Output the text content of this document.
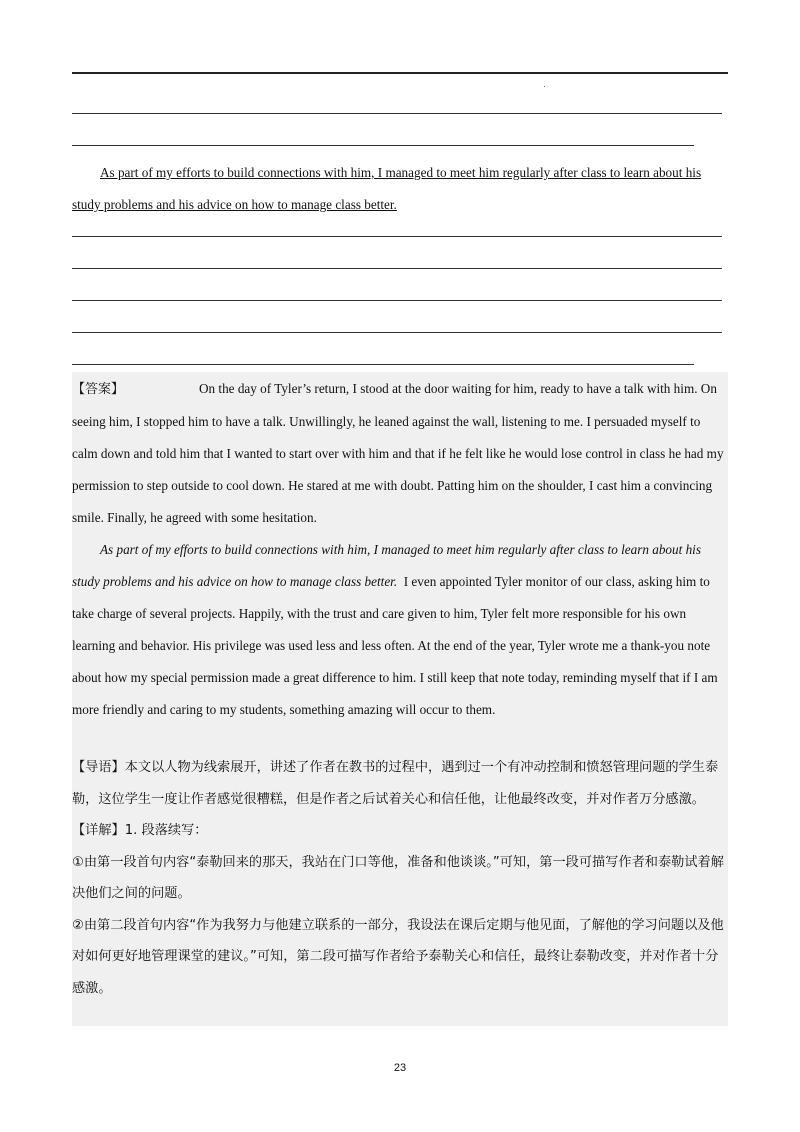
As part of my efforts to build connections with him, I managed to meet him regularly after class to learn about his study problems and his advice on how to manage class better.

【答案】	On the day of Tyler’s return, I stood at the door waiting for him, ready to have a talk with him. On seeing him, I stopped him to have a talk. Unwillingly, he leaned against the wall, listening to me. I persuaded myself to calm down and told him that I wanted to start over with him and that if he felt like he would lose control in class he had my permission to step outside to cool down. He stared at me with doubt. Patting him on the shoulder, I cast him a convincing smile. Finally, he agreed with some hesitation.

As part of my efforts to build connections with him, I managed to meet him regularly after class to learn about his study problems and his advice on how to manage class better. I even appointed Tyler monitor of our class, asking him to take charge of several projects. Happily, with the trust and care given to him, Tyler felt more responsible for his own learning and behavior. His privilege was used less and less often. At the end of the year, Tyler wrote me a thank-you note about how my special permission made a great difference to him. I still keep that note today, reminding myself that if I am more friendly and caring to my students, something amazing will occur to them.

【导语】本文以人物为线索展开，讲述了作者在教书的过程中，遇到过一个有冲动控制和愤怒管理问题的学生泰勒，这位学生一度让作者感觉很糟糕，但是作者之后试着关心和信任他，让他最终改变，并对作者万分感激。

【详解】1. 段落续写：

①由第一段首句内容“泰勒回来的那天，我站在门口等他，准备和他谈谈。”可知，第一段可描写作者和泰勒试着解决他们之间的问题。

②由第二段首句内容“作为我努力与他建立联系的一部分，我设法在课后定期与他见面，了解他的学习问题以及他对如何更好地管理课堂的建议。”可知，第二段可描写作者给予泰勒关心和信任，最终让泰勒改变，并对作者十分感激。

23
